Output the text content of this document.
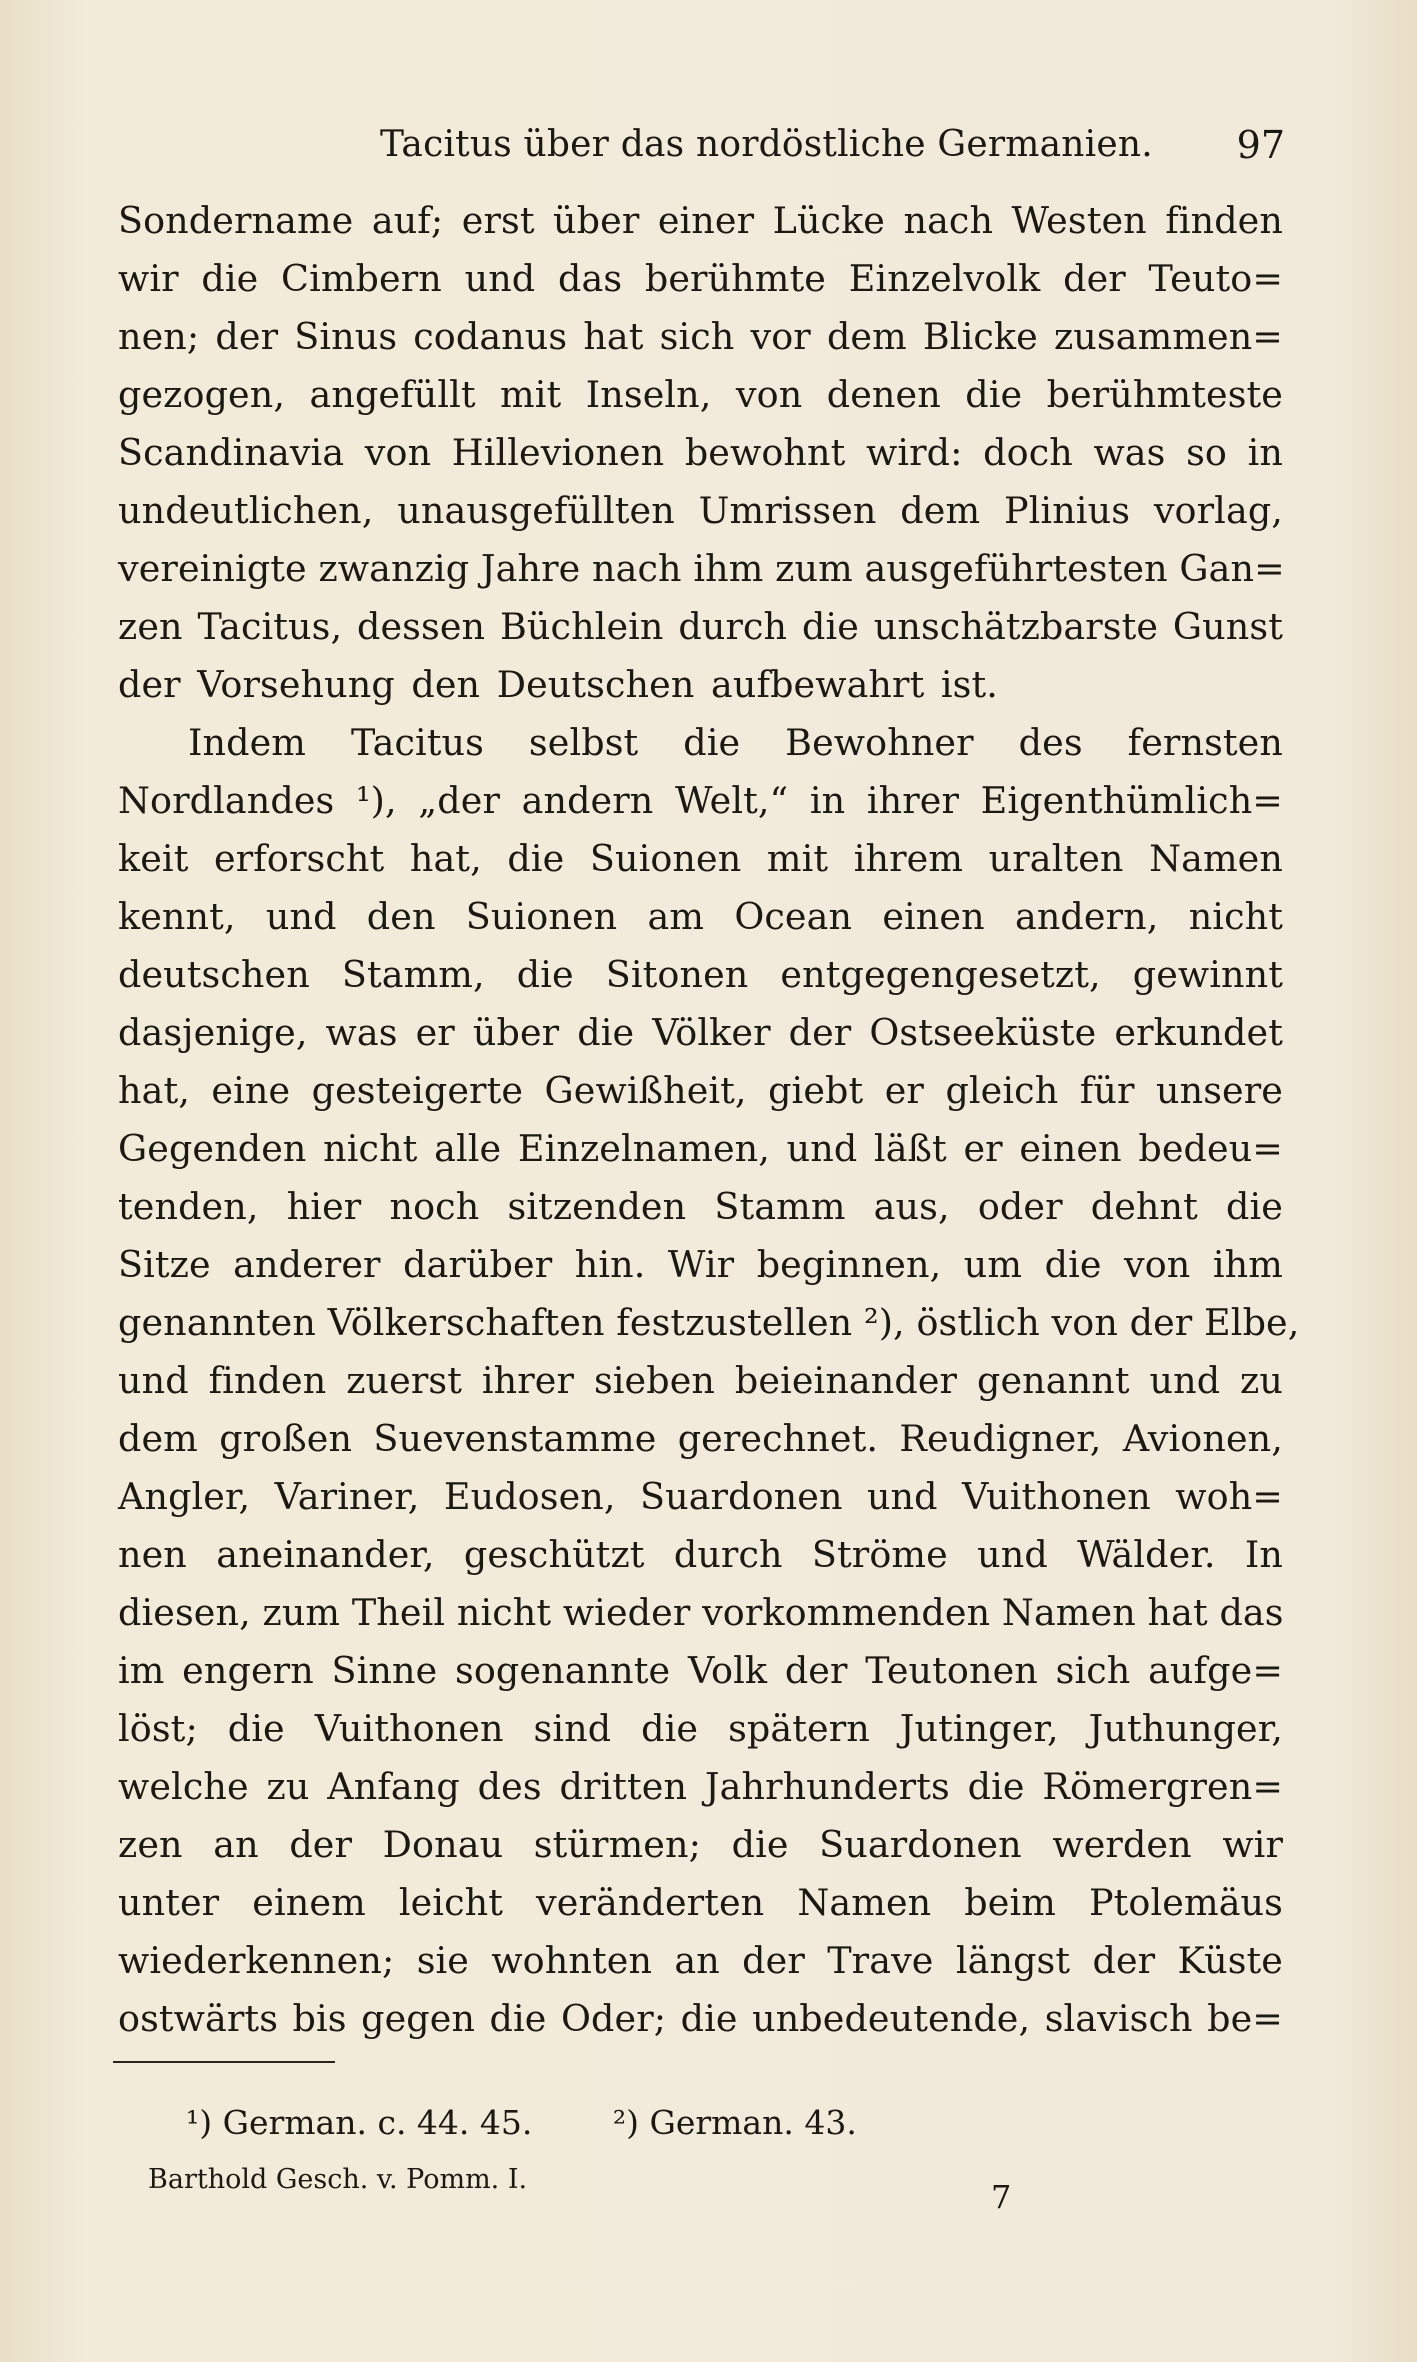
Tacitus über das nordöstliche Germanien. 97
Sondername auf; erst über einer Lücke nach Westen finden
wir die Cimbern und das berühmte Einzelvolk der Teuto=
nen; der Sinus codanus hat sich vor dem Blicke zusammen=
gezogen, angefüllt mit Inseln, von denen die berühmteste
Scandinavia von Hillevionen bewohnt wird: doch was so in
undeutlichen, unausgefüllten Umrissen dem Plinius vorlag,
vereinigte zwanzig Jahre nach ihm zum ausgeführtesten Gan=
zen Tacitus, dessen Büchlein durch die unschätzbarste Gunst
der Vorsehung den Deutschen aufbewahrt ist.
Indem Tacitus selbst die Bewohner des fernsten
Nordlandes ¹), „der andern Welt,“ in ihrer Eigenthümlich=
keit erforscht hat, die Suionen mit ihrem uralten Namen
kennt, und den Suionen am Ocean einen andern, nicht
deutschen Stamm, die Sitonen entgegengesetzt, gewinnt
dasjenige, was er über die Völker der Ostseeküste erkundet
hat, eine gesteigerte Gewißheit, giebt er gleich für unsere
Gegenden nicht alle Einzelnamen, und läßt er einen bedeu=
tenden, hier noch sitzenden Stamm aus, oder dehnt die
Sitze anderer darüber hin. Wir beginnen, um die von ihm
genannten Völkerschaften festzustellen ²), östlich von der Elbe,
und finden zuerst ihrer sieben beieinander genannt und zu
dem großen Suevenstamme gerechnet. Reudigner, Avionen,
Angler, Variner, Eudosen, Suardonen und Vuithonen woh=
nen aneinander, geschützt durch Ströme und Wälder. In
diesen, zum Theil nicht wieder vorkommenden Namen hat das
im engern Sinne sogenannte Volk der Teutonen sich aufge=
löst; die Vuithonen sind die spätern Jutinger, Juthunger,
welche zu Anfang des dritten Jahrhunderts die Römergren=
zen an der Donau stürmen; die Suardonen werden wir
unter einem leicht veränderten Namen beim Ptolemäus
wiederkennen; sie wohnten an der Trave längst der Küste
ostwärts bis gegen die Oder; die unbedeutende, slavisch be=
¹) German. c. 44. 45. ²) German. 43.
Barthold Gesch. v. Pomm. I.	7
